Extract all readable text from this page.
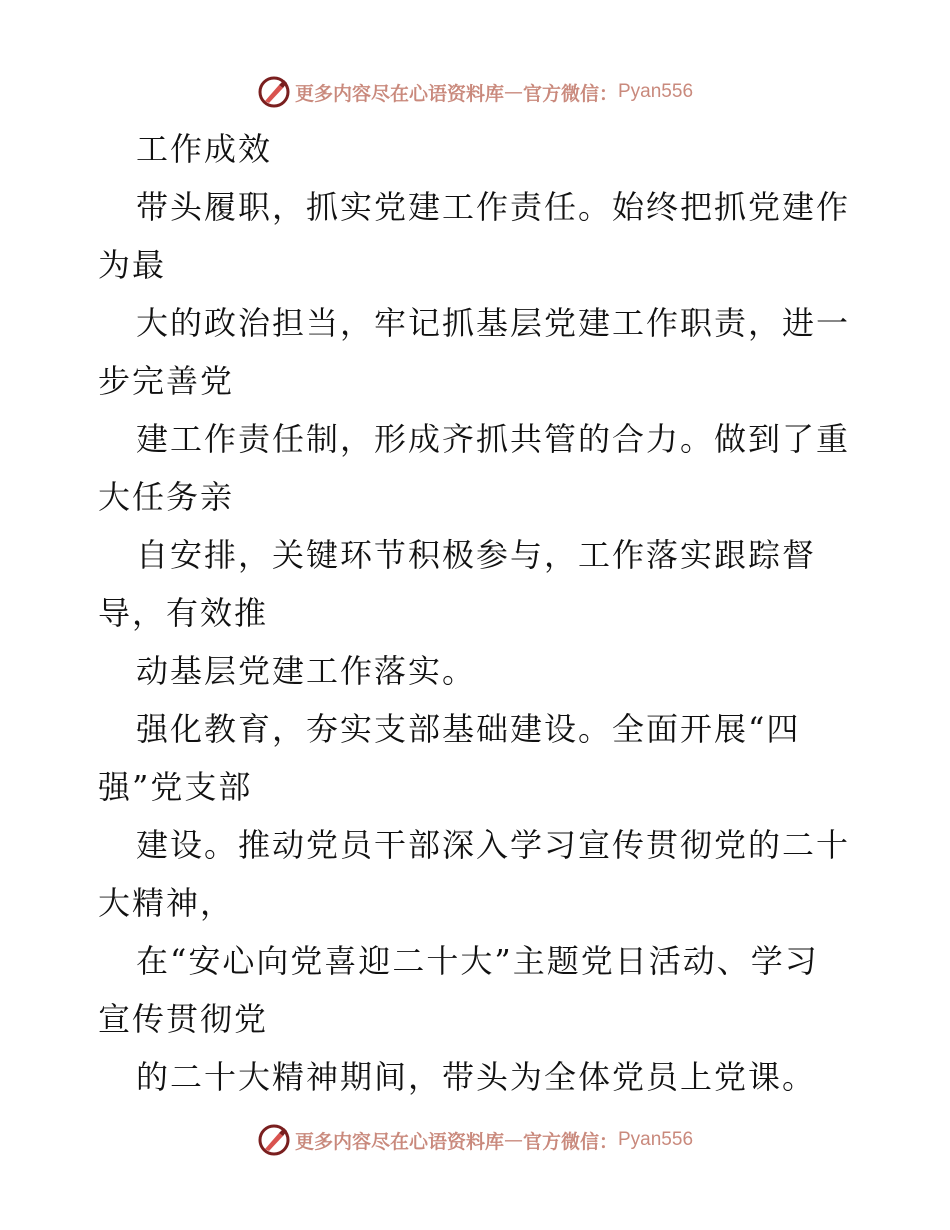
更多内容尽在心语资料库 — 官方微信： Pyan556
工作成效
带头履职，抓实党建工作责任。始终把抓党建作
为最
大的政治担当，牢记抓基层党建工作职责，进一
步完善党
建工作责任制，形成齐抓共管的合力。做到了重
大任务亲
自安排，关键环节积极参与，工作落实跟踪督
导，有效推
动基层党建工作落实。
强化教育，夯实支部基础建设。全面开展“四
强”党支部
建设。推动党员干部深入学习宣传贯彻党的二十
大精神，
在“安心向党喜迎二十大”主题党日活动、学习
宣传贯彻党
的二十大精神期间，带头为全体党员上党课。
更多内容尽在心语资料库 — 官方微信： Pyan556
